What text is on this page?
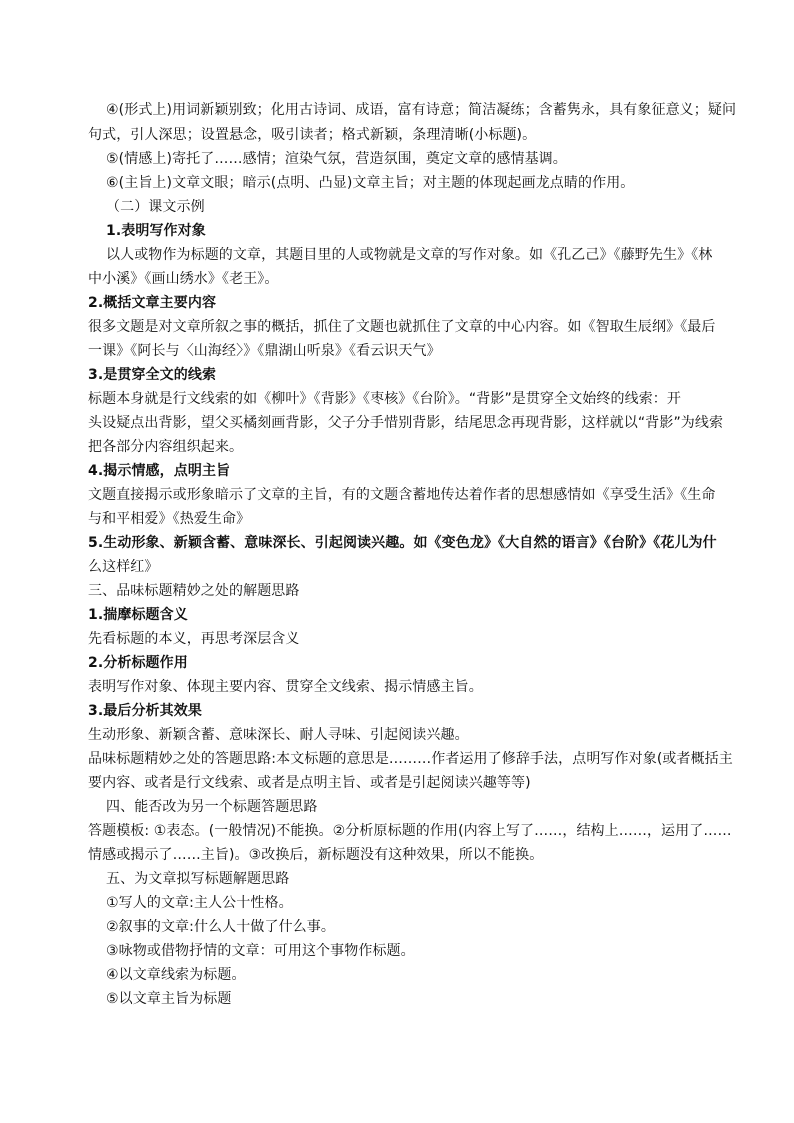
④(形式上)用词新颖别致；化用古诗词、成语，富有诗意；简洁凝练；含蓄隽永，具有象征意义；疑问
句式，引人深思；设置悬念，吸引读者；格式新颖，条理清晰(小标题)。
⑤(情感上)寄托了……感情；渲染气氛，营造氛围，奠定文章的感情基调。
⑥(主旨上)文章文眼；暗示(点明、凸显)文章主旨；对主题的体现起画龙点睛的作用。
（二）课文示例
1.表明写作对象
以人或物作为标题的文章，其题目里的人或物就是文章的写作对象。如《孔乙己》《藤野先生》《林
中小溪》《画山绣水》《老王》。
2.概括文章主要内容
很多文题是对文章所叙之事的概括，抓住了文题也就抓住了文章的中心内容。如《智取生辰纲》《最后
一课》《阿长与〈山海经〉》《鼎湖山听泉》《看云识天气》
3.是贯穿全文的线索
标题本身就是行文线索的如《柳叶》《背影》《枣核》《台阶》。“背影”是贯穿全文始终的线索：开
头设疑点出背影，望父买橘刻画背影，父子分手惜别背影，结尾思念再现背影，这样就以“背影”为线索
把各部分内容组织起来。
4.揭示情感，点明主旨
文题直接揭示或形象暗示了文章的主旨，有的文题含蓄地传达着作者的思想感情如《享受生活》《生命
与和平相爱》《热爱生命》
5.生动形象、新颖含蓄、意味深长、引起阅读兴趣。如《变色龙》《大自然的语言》《台阶》《花儿为什
么这样红》
三、品味标题精妙之处的解题思路
1.揣摩标题含义
先看标题的本义，再思考深层含义
2.分析标题作用
表明写作对象、体现主要内容、贯穿全文线索、揭示情感主旨。
3.最后分析其效果
生动形象、新颖含蓄、意味深长、耐人寻味、引起阅读兴趣。
品味标题精妙之处的答题思路:本文标题的意思是………作者运用了修辞手法，点明写作对象(或者概括主
要内容、或者是行文线索、或者是点明主旨、或者是引起阅读兴趣等等)
四、能否改为另一个标题答题思路
答题模板: ①表态。(一般情况)不能换。②分析原标题的作用(内容上写了……，结构上……，运用了……
情感或揭示了……主旨)。③改换后，新标题没有这种效果，所以不能换。
五、为文章拟写标题解题思路
①写人的文章:主人公十性格。
②叙事的文章:什么人十做了什么事。
③咏物或借物抒情的文章：可用这个事物作标题。
④以文章线索为标题。
⑤以文章主旨为标题
